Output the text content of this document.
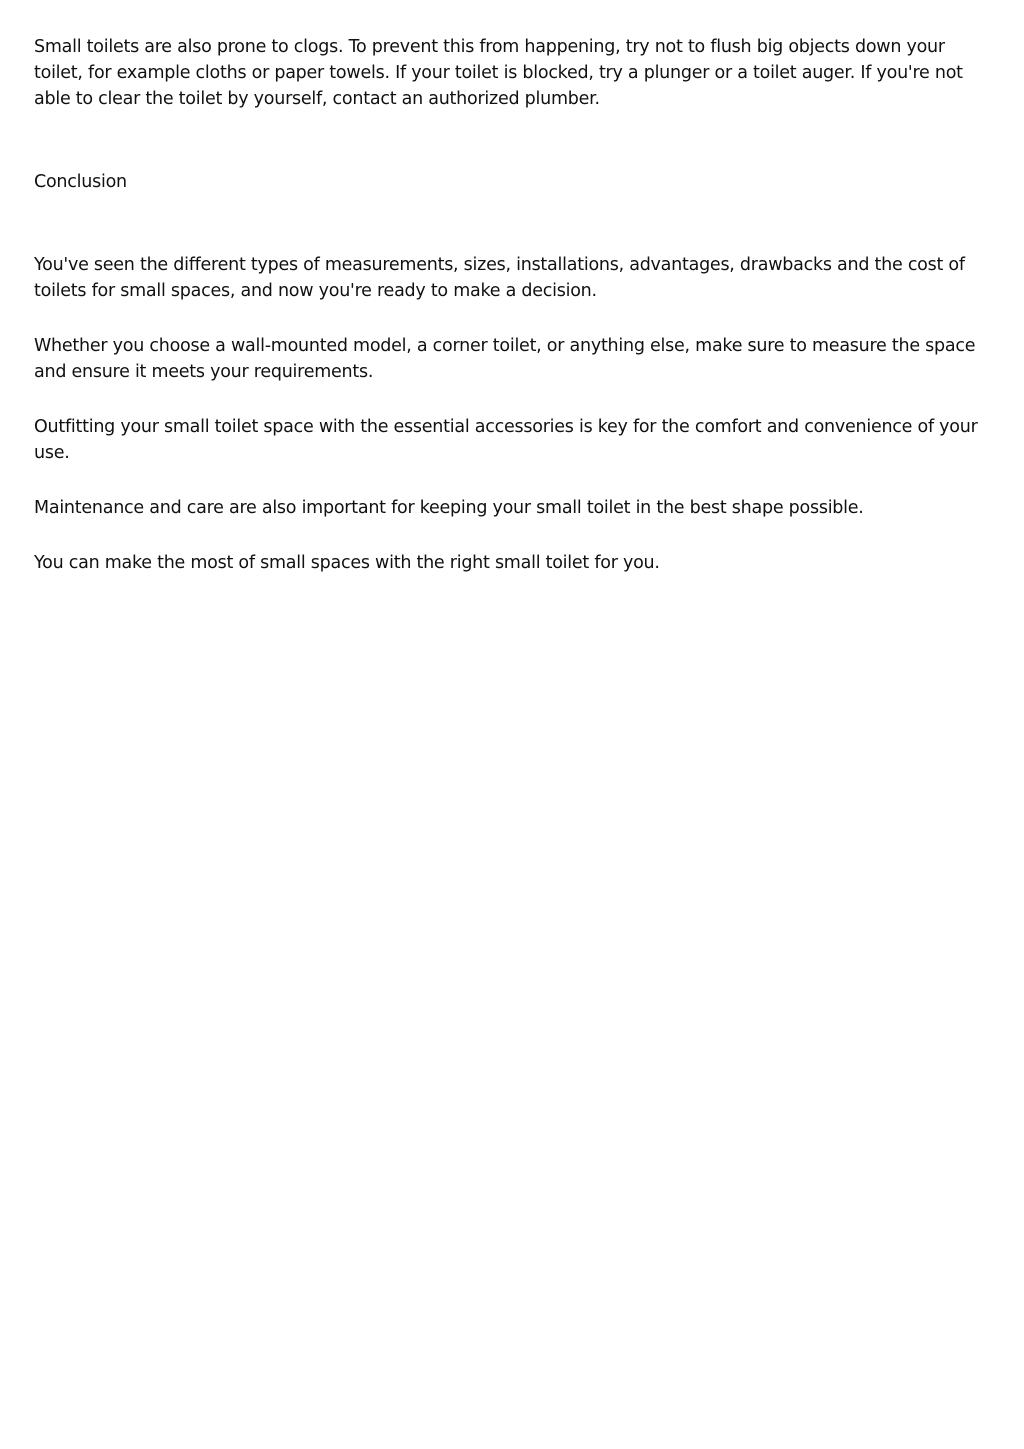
Small toilets are also prone to clogs. To prevent this from happening, try not to flush big objects down your toilet, for example cloths or paper towels. If your toilet is blocked, try a plunger or a toilet auger. If you're not able to clear the toilet by yourself, contact an authorized plumber.

Conclusion

You've seen the different types of measurements, sizes, installations, advantages, drawbacks and the cost of toilets for small spaces, and now you're ready to make a decision.

Whether you choose a wall-mounted model, a corner toilet, or anything else, make sure to measure the space and ensure it meets your requirements.

Outfitting your small toilet space with the essential accessories is key for the comfort and convenience of your use.

Maintenance and care are also important for keeping your small toilet in the best shape possible.

You can make the most of small spaces with the right small toilet for you.
